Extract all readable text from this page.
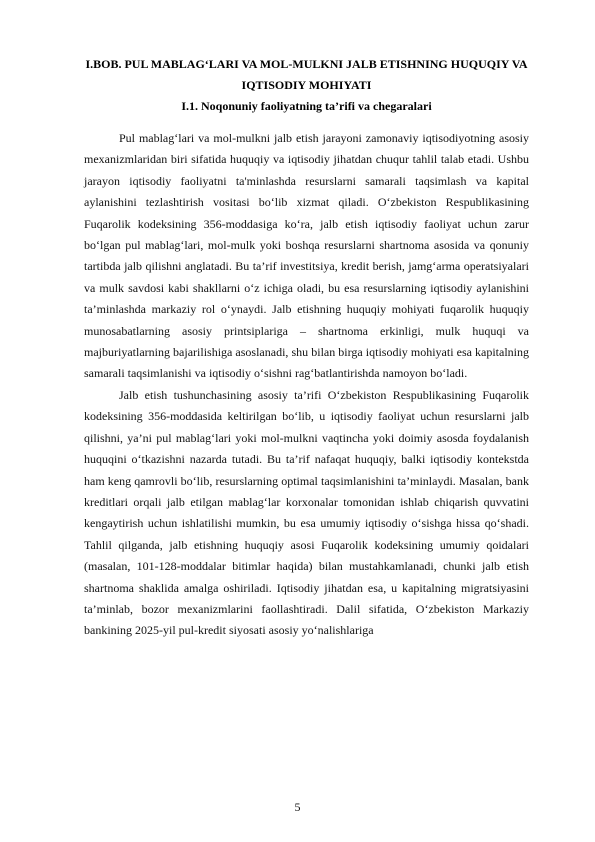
I.BOB. PUL MABLAG‘LARI VA MOL-MULKNI JALB ETISHNING HUQUQIY VA IQTISODIY MOHIYATI
I.1. Noqonuniy faoliyatning ta’rifi va chegaralari

Pul mablag‘lari va mol-mulkni jalb etish jarayoni zamonaviy iqtisodiyotning asosiy mexanizmlaridan biri sifatida huquqiy va iqtisodiy jihatdan chuqur tahlil talab etadi. Ushbu jarayon iqtisodiy faoliyatni ta'minlashda resurslarni samarali taqsimlash va kapital aylanishini tezlashtirish vositasi bo‘lib xizmat qiladi. O‘zbekiston Respublikasining Fuqarolik kodeksining 356-moddasiga ko‘ra, jalb etish iqtisodiy faoliyat uchun zarur bo‘lgan pul mablag‘lari, mol-mulk yoki boshqa resurslarni shartnoma asosida va qonuniy tartibda jalb qilishni anglatadi. Bu ta’rif investitsiya, kredit berish, jamg‘arma operatsiyalari va mulk savdosi kabi shakllarni o‘z ichiga oladi, bu esa resurslarning iqtisodiy aylanishini ta’minlashda markaziy rol o‘ynaydi. Jalb etishning huquqiy mohiyati fuqarolik huquqiy munosabatlarning asosiy printsiplariga – shartnoma erkinligi, mulk huquqi va majburiyatlarning bajarilishiga asoslanadi, shu bilan birga iqtisodiy mohiyati esa kapitalning samarali taqsimlanishi va iqtisodiy o‘sishni rag‘batlantirishda namoyon bo‘ladi.

Jalb etish tushunchasining asosiy ta’rifi O‘zbekiston Respublikasining Fuqarolik kodeksining 356-moddasida keltirilgan bo‘lib, u iqtisodiy faoliyat uchun resurslarni jalb qilishni, ya’ni pul mablag‘lari yoki mol-mulkni vaqtincha yoki doimiy asosda foydalanish huquqini o‘tkazishni nazarda tutadi. Bu ta’rif nafaqat huquqiy, balki iqtisodiy kontekstda ham keng qamrovli bo‘lib, resurslarning optimal taqsimlanishini ta’minlaydi. Masalan, bank kreditlari orqali jalb etilgan mablag‘lar korxonalar tomonidan ishlab chiqarish quvvatini kengaytirish uchun ishlatilishi mumkin, bu esa umumiy iqtisodiy o‘sishga hissa qo‘shadi. Tahlil qilganda, jalb etishning huquqiy asosi Fuqarolik kodeksining umumiy qoidalari (masalan, 101-128-moddalar bitimlar haqida) bilan mustahkamlanadi, chunki jalb etish shartnoma shaklida amalga oshiriladi. Iqtisodiy jihatdan esa, u kapitalning migratsiyasini ta’minlab, bozor mexanizmlarini faollashtiradi. Dalil sifatida, O‘zbekiston Markaziy bankining 2025-yil pul-kredit siyosati asosiy yo‘nalishlariga

5
